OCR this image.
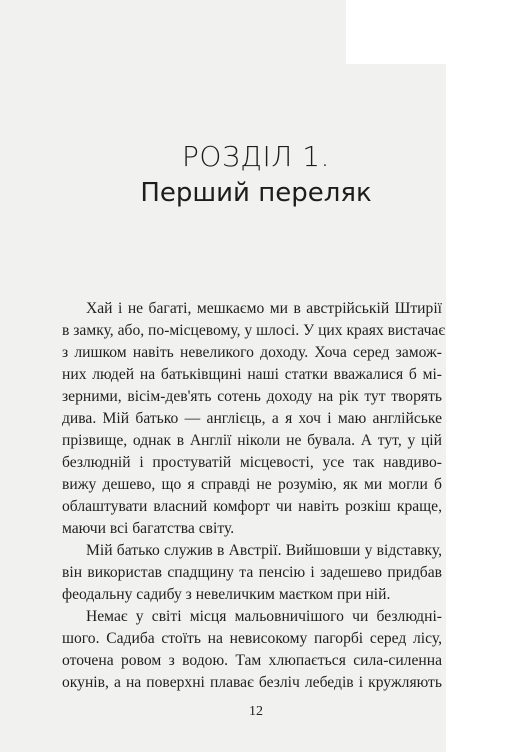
РОЗДІЛ 1.
Перший переляк
Хай і не багаті, мешкаємо ми в австрійській Штирії
в замку, або, по-місцевому, у шлосі. У цих краях вистачає
з лишком навіть невеликого доходу. Хоча серед замож-
них людей на батьківщині наші статки вважалися б мі-
зерними, вісім-дев'ять сотень доходу на рік тут творять
дива. Мій батько — англієць, а я хоч і маю англійське
прізвище, однак в Англії ніколи не бувала. А тут, у цій
безлюдній і простуватій місцевості, усе так навдиво-
вижу дешево, що я справді не розумію, як ми могли б
облаштувати власний комфорт чи навіть розкіш краще,
маючи всі багатства світу.
Мій батько служив в Австрії. Вийшовши у відставку,
він використав спадщину та пенсію і задешево придбав
феодальну садибу з невеличким маєтком при ній.
Немає у світі місця мальовничішого чи безлюдні-
шого. Садиба стоїть на невисокому пагорбі серед лісу,
оточена ровом з водою. Там хлюпається сила-силенна
окунів, а на поверхні плаває безліч лебедів і кружляють
12
